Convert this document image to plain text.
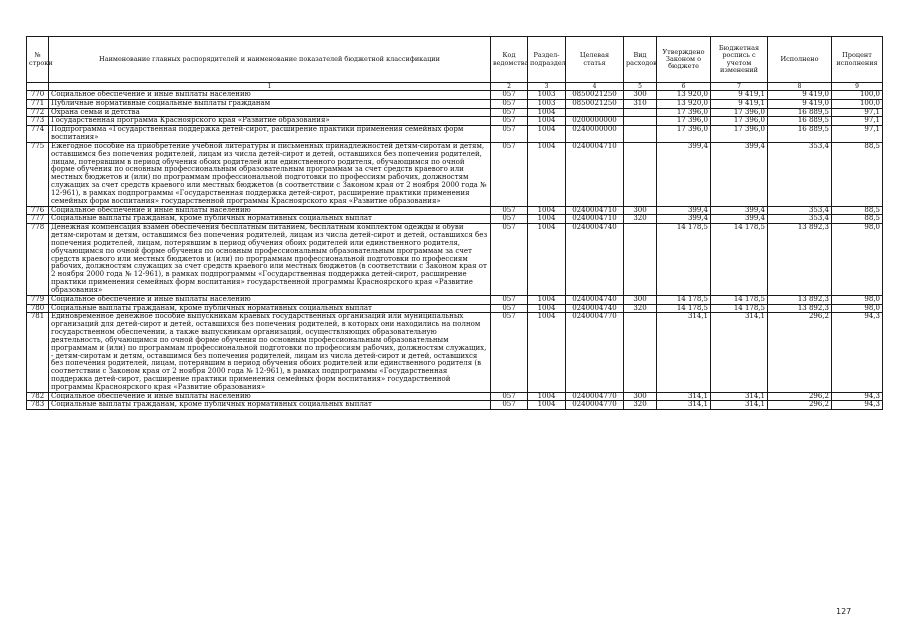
№ строки	Наименование главных распорядителей и наименование показателей бюджетной классификации	Код ведомства	Раздел-подраздел	Целевая статья	Вид расходов	Утверждено Законом о бюджете	Бюджетная роспись с учетом изменений	Исполнено	Процент исполнения
	1	2	3	4	5	6	7	8	9
770	Социальное обеспечение и иные выплаты населению	057	1003	0850021250	300	13 920,0	9 419,1	9 419,0	100,0
771	Публичные нормативные социальные выплаты гражданам	057	1003	0850021250	310	13 920,0	9 419,1	9 419,0	100,0
772	Охрана семьи и детства	057	1004			17 396,0	17 396,0	16 889,5	97,1
773	Государственная программа Красноярского края «Развитие образования»	057	1004	0200000000		17 396,0	17 396,0	16 889,5	97,1
774	Подпрограмма «Государственная поддержка детей-сирот, расширение практики применения семейных форм воспитания»	057	1004	0240000000		17 396,0	17 396,0	16 889,5	97,1
775	Ежегодное пособие на приобретение учебной литературы и письменных принадлежностей детям-сиротам и детям, оставшимся без попечения родителей, лицам из числа детей-сирот и детей, оставшихся без попечения родителей, лицам, потерявшим в период обучения обоих родителей или единственного родителя, обучающимся по очной форме обучения по основным профессиональным образовательным программам за счет средств краевого или местных бюджетов и (или) по программам профессиональной подготовки по профессиям рабочих, должностям служащих за счет средств краевого или местных бюджетов (в соответствии с Законом края от 2 ноября 2000 года № 12-961), в рамках подпрограммы «Государственная поддержка детей-сирот, расширение практики применения семейных форм воспитания» государственной программы Красноярского края «Развитие образования»	057	1004	0240004710		399,4	399,4	353,4	88,5
776	Социальное обеспечение и иные выплаты населению	057	1004	0240004710	300	399,4	399,4	353,4	88,5
777	Социальные выплаты гражданам, кроме публичных нормативных социальных выплат	057	1004	0240004710	320	399,4	399,4	353,4	88,5
778	Денежная компенсация взамен обеспечения бесплатным питанием, бесплатным комплектом одежды и обуви детям-сиротам и детям, оставшимся без попечения родителей, лицам из числа детей-сирот и детей, оставшихся без попечения родителей, лицам, потерявшим в период обучения обоих родителей или единственного родителя, обучающимся по очной форме обучения по основным профессиональным образовательным программам за счет средств краевого или местных бюджетов и (или) по программам профессиональной подготовки по профессиям рабочих, должностям служащих за счет средств краевого или местных бюджетов (в соответствии с Законом края от 2 ноября 2000 года № 12-961), в рамках подпрограммы «Государственная поддержка детей-сирот, расширение практики применения семейных форм воспитания» государственной программы Красноярского края «Развитие образования»	057	1004	0240004740		14 178,5	14 178,5	13 892,3	98,0
779	Социальное обеспечение и иные выплаты населению	057	1004	0240004740	300	14 178,5	14 178,5	13 892,3	98,0
780	Социальные выплаты гражданам, кроме публичных нормативных социальных выплат	057	1004	0240004740	320	14 178,5	14 178,5	13 892,3	98,0
781	Единовременное денежное пособие выпускникам краевых государственных организаций или муниципальных организаций для детей-сирот и детей, оставшихся без попечения родителей, в которых они находились на полном государственном обеспечении, а также выпускникам организаций, осуществляющих образовательную деятельность, обучающимся по очной форме обучения по основным профессиональным образовательным программам и (или) по программам профессиональной подготовки по профессиям рабочих, должностям служащих, - детям-сиротам и детям, оставшимся без попечения родителей, лицам из числа детей-сирот и детей, оставшихся без попечения родителей, лицам, потерявшим в период обучения обоих родителей или единственного родителя (в соответствии с Законом края от 2 ноября 2000 года № 12-961), в рамках подпрограммы «Государственная поддержка детей-сирот, расширение практики применения семейных форм воспитания» государственной программы Красноярского края «Развитие образования»	057	1004	0240004770		314,1	314,1	296,2	94,3
782	Социальное обеспечение и иные выплаты населению	057	1004	0240004770	300	314,1	314,1	296,2	94,3
783	Социальные выплаты гражданам, кроме публичных нормативных социальных выплат	057	1004	0240004770	320	314,1	314,1	296,2	94,3
127
